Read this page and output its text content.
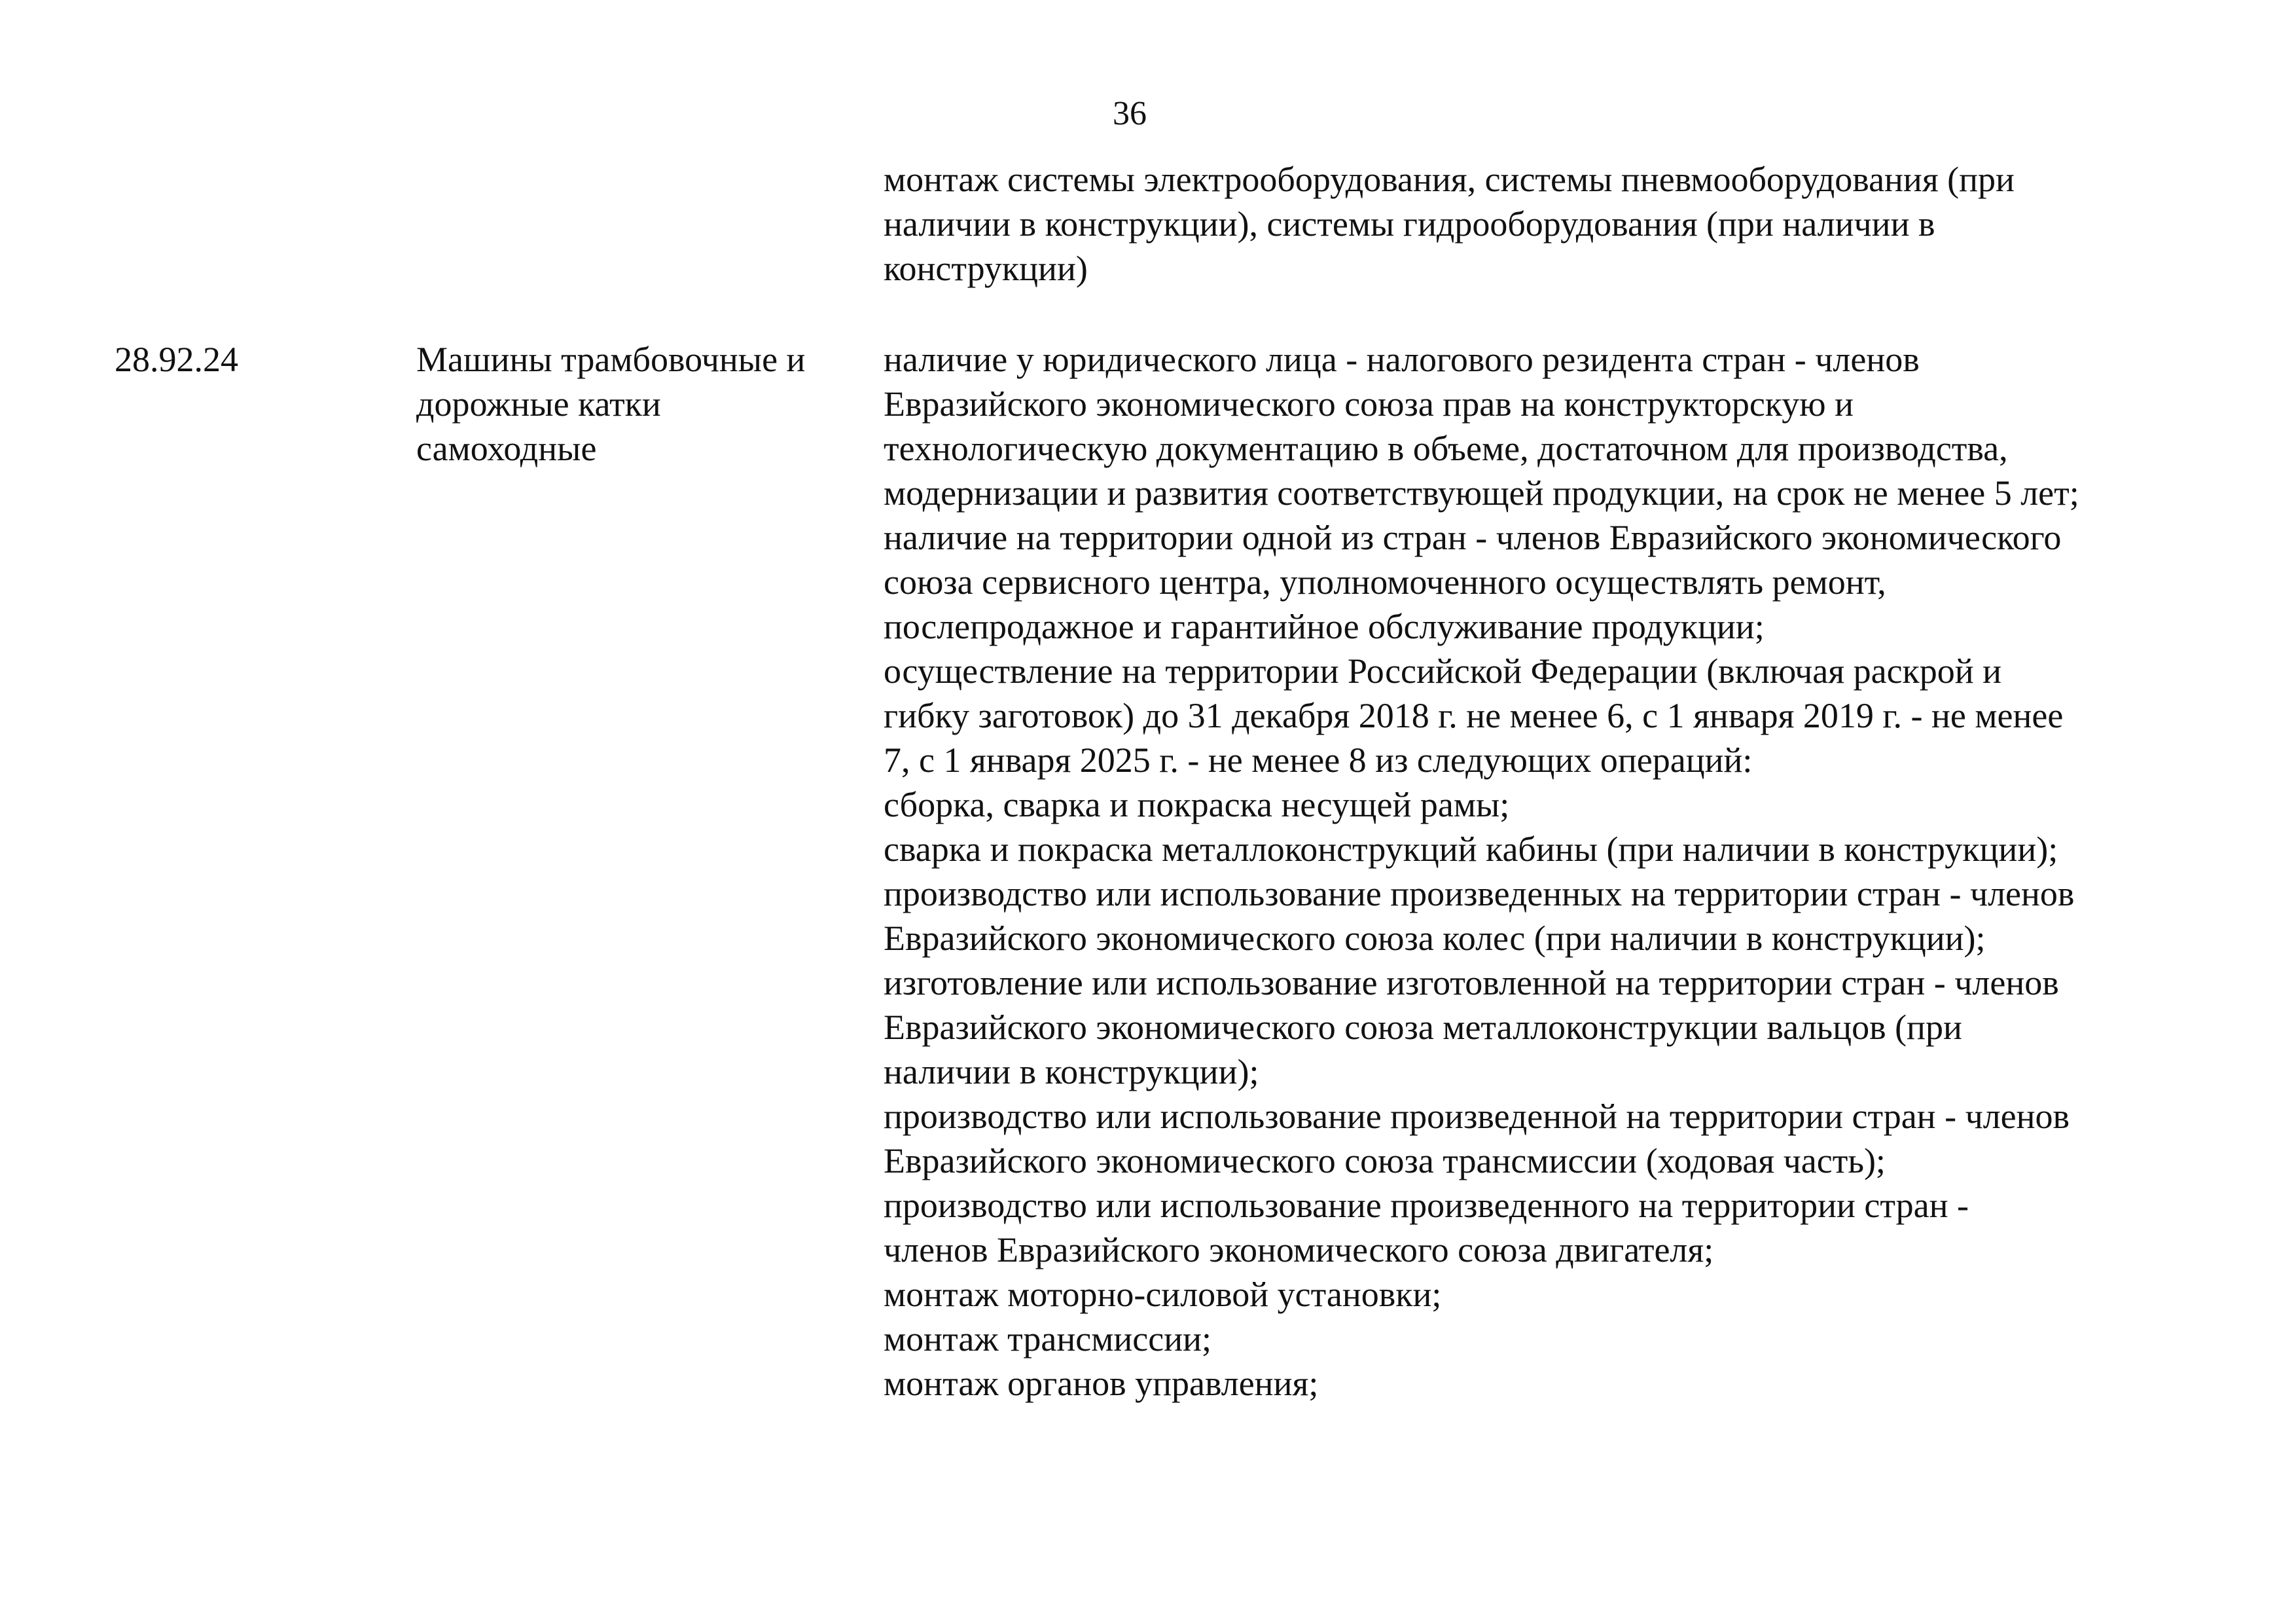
36
монтаж системы электрооборудования, системы пневмооборудования (при
наличии в конструкции), системы гидрооборудования (при наличии в
конструкции)
28.92.24	Машины трамбовочные и
дорожные катки
самоходные
наличие у юридического лица - налогового резидента стран - членов
Евразийского экономического союза прав на конструкторскую и
технологическую документацию в объеме, достаточном для производства,
модернизации и развития соответствующей продукции, на срок не менее 5 лет;
наличие на территории одной из стран - членов Евразийского экономического
союза сервисного центра, уполномоченного осуществлять ремонт,
послепродажное и гарантийное обслуживание продукции;
осуществление на территории Российской Федерации (включая раскрой и
гибку заготовок) до 31 декабря 2018 г. не менее 6, с 1 января 2019 г. - не менее
7, с 1 января 2025 г. - не менее 8 из следующих операций:
сборка, сварка и покраска несущей рамы;
сварка и покраска металлоконструкций кабины (при наличии в конструкции);
производство или использование произведенных на территории стран - членов
Евразийского экономического союза колес (при наличии в конструкции);
изготовление или использование изготовленной на территории стран - членов
Евразийского экономического союза металлоконструкции вальцов (при
наличии в конструкции);
производство или использование произведенной на территории стран - членов
Евразийского экономического союза трансмиссии (ходовая часть);
производство или использование произведенного на территории стран -
членов Евразийского экономического союза двигателя;
монтаж моторно-силовой установки;
монтаж трансмиссии;
монтаж органов управления;
